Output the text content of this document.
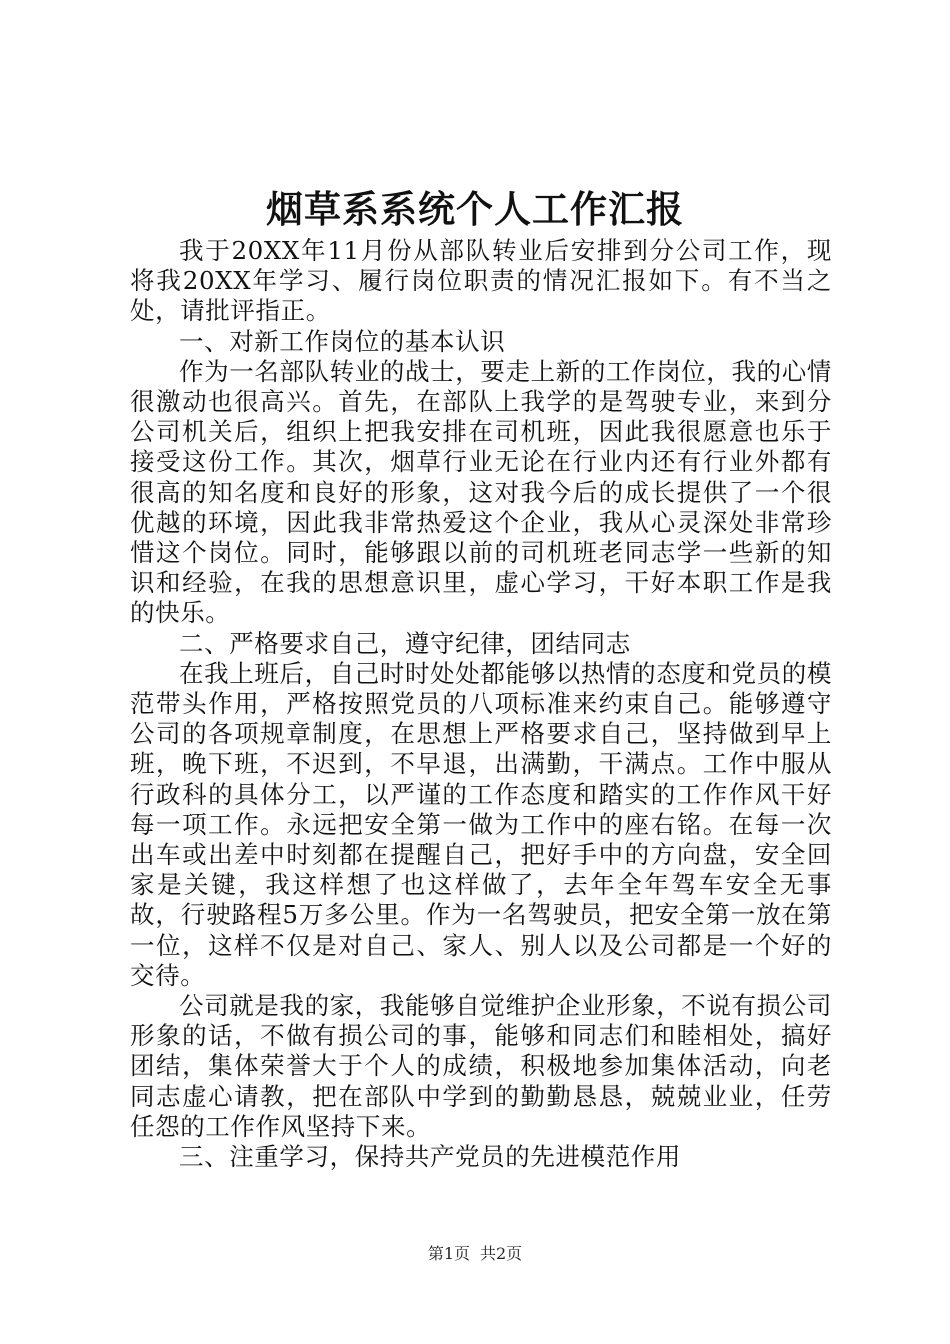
烟草系系统个人工作汇报

我于20XX年11月份从部队转业后安排到分公司工作，现将我20XX年学习、履行岗位职责的情况汇报如下。有不当之处，请批评指正。

一、对新工作岗位的基本认识

作为一名部队转业的战士，要走上新的工作岗位，我的心情很激动也很高兴。首先，在部队上我学的是驾驶专业，来到分公司机关后，组织上把我安排在司机班，因此我很愿意也乐于接受这份工作。其次，烟草行业无论在行业内还有行业外都有很高的知名度和良好的形象，这对我今后的成长提供了一个很优越的环境，因此我非常热爱这个企业，我从心灵深处非常珍惜这个岗位。同时，能够跟以前的司机班老同志学一些新的知识和经验，在我的思想意识里，虚心学习，干好本职工作是我的快乐。

二、严格要求自己，遵守纪律，团结同志

在我上班后，自己时时处处都能够以热情的态度和党员的模范带头作用，严格按照党员的八项标准来约束自己。能够遵守公司的各项规章制度，在思想上严格要求自己，坚持做到早上班，晚下班，不迟到，不早退，出满勤，干满点。工作中服从行政科的具体分工，以严谨的工作态度和踏实的工作作风干好每一项工作。永远把安全第一做为工作中的座右铭。在每一次出车或出差中时刻都在提醒自己，把好手中的方向盘，安全回家是关键，我这样想了也这样做了，去年全年驾车安全无事故，行驶路程5万多公里。作为一名驾驶员，把安全第一放在第一位，这样不仅是对自己、家人、别人以及公司都是一个好的交待。

公司就是我的家，我能够自觉维护企业形象，不说有损公司形象的话，不做有损公司的事，能够和同志们和睦相处，搞好团结，集体荣誉大于个人的成绩，积极地参加集体活动，向老同志虚心请教，把在部队中学到的勤勤恳恳，兢兢业业，任劳任怨的工作作风坚持下来。

三、注重学习，保持共产党员的先进模范作用

第1页 共2页
